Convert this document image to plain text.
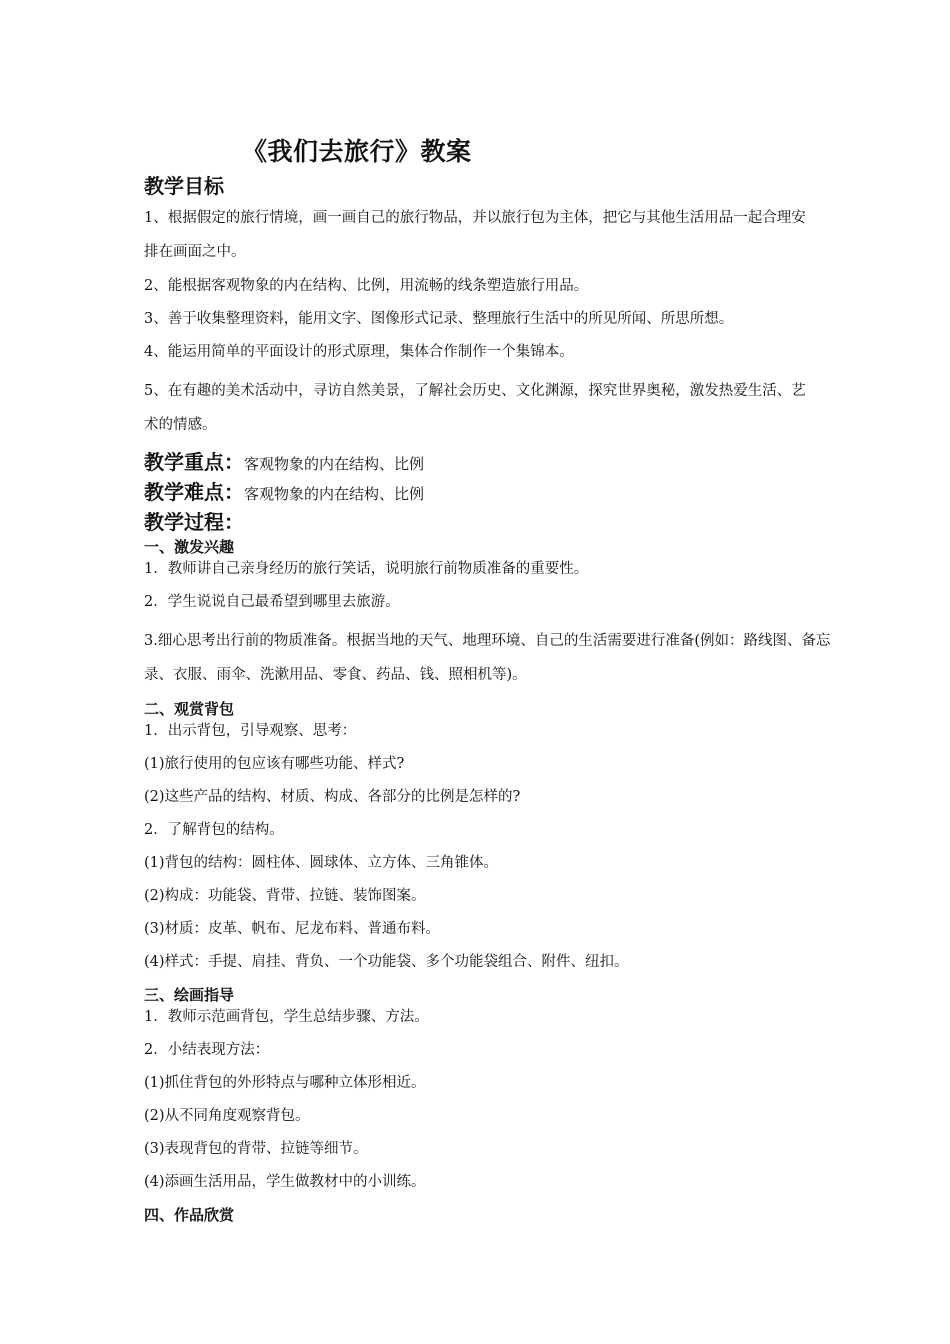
《我们去旅行》教案
教学目标
1、根据假定的旅行情境，画一画自己的旅行物品，并以旅行包为主体，把它与其他生活用品一起合理安排在画面之中。
2、能根据客观物象的内在结构、比例，用流畅的线条塑造旅行用品。
3、善于收集整理资料，能用文字、图像形式记录、整理旅行生活中的所见所闻、所思所想。
4、能运用简单的平面设计的形式原理，集体合作制作一个集锦本。
5、在有趣的美术活动中，寻访自然美景，了解社会历史、文化渊源，探究世界奥秘，激发热爱生活、艺术的情感。
教学重点：客观物象的内在结构、比例
教学难点：客观物象的内在结构、比例
教学过程：
一、激发兴趣
1．教师讲自己亲身经历的旅行笑话，说明旅行前物质准备的重要性。
2．学生说说自己最希望到哪里去旅游。
3.细心思考出行前的物质准备。根据当地的天气、地理环境、自己的生活需要进行准备(例如：路线图、备忘录、衣服、雨伞、洗漱用品、零食、药品、钱、照相机等)。
二、观赏背包
1．出示背包，引导观察、思考：
(1)旅行使用的包应该有哪些功能、样式?
(2)这些产品的结构、材质、构成、各部分的比例是怎样的?
2．了解背包的结构。
(1)背包的结构：圆柱体、圆球体、立方体、三角锥体。
(2)构成：功能袋、背带、拉链、装饰图案。
(3)材质：皮革、帆布、尼龙布料、普通布料。
(4)样式：手提、肩挂、背负、一个功能袋、多个功能袋组合、附件、纽扣。
三、绘画指导
1．教师示范画背包，学生总结步骤、方法。
2．小结表现方法：
(1)抓住背包的外形特点与哪种立体形相近。
(2)从不同角度观察背包。
(3)表现背包的背带、拉链等细节。
(4)添画生活用品，学生做教材中的小训练。
四、作品欣赏
